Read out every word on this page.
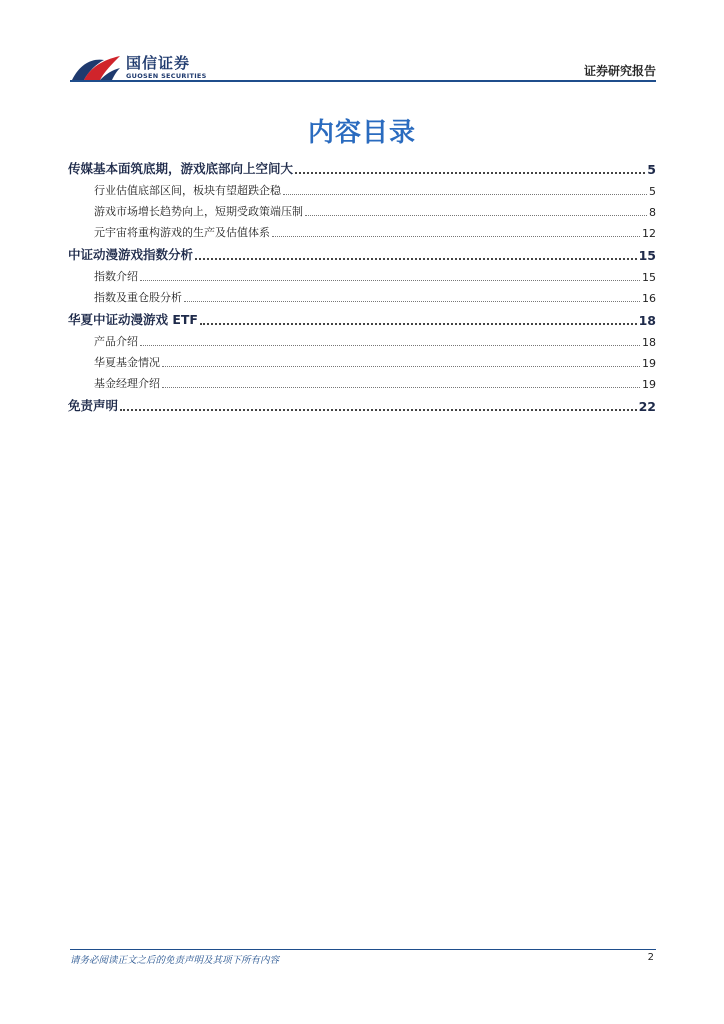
国信证券
GUOSEN SECURITIES	证券研究报告
内容目录
传媒基本面筑底期，游戏底部向上空间大	5
行业估值底部区间，板块有望超跌企稳	5
游戏市场增长趋势向上，短期受政策端压制	8
元宇宙将重构游戏的生产及估值体系	12
中证动漫游戏指数分析	15
指数介绍	15
指数及重仓股分析	16
华夏中证动漫游戏 ETF	18
产品介绍	18
华夏基金情况	19
基金经理介绍	19
免责声明	22
请务必阅读正文之后的免责声明及其项下所有内容	2
